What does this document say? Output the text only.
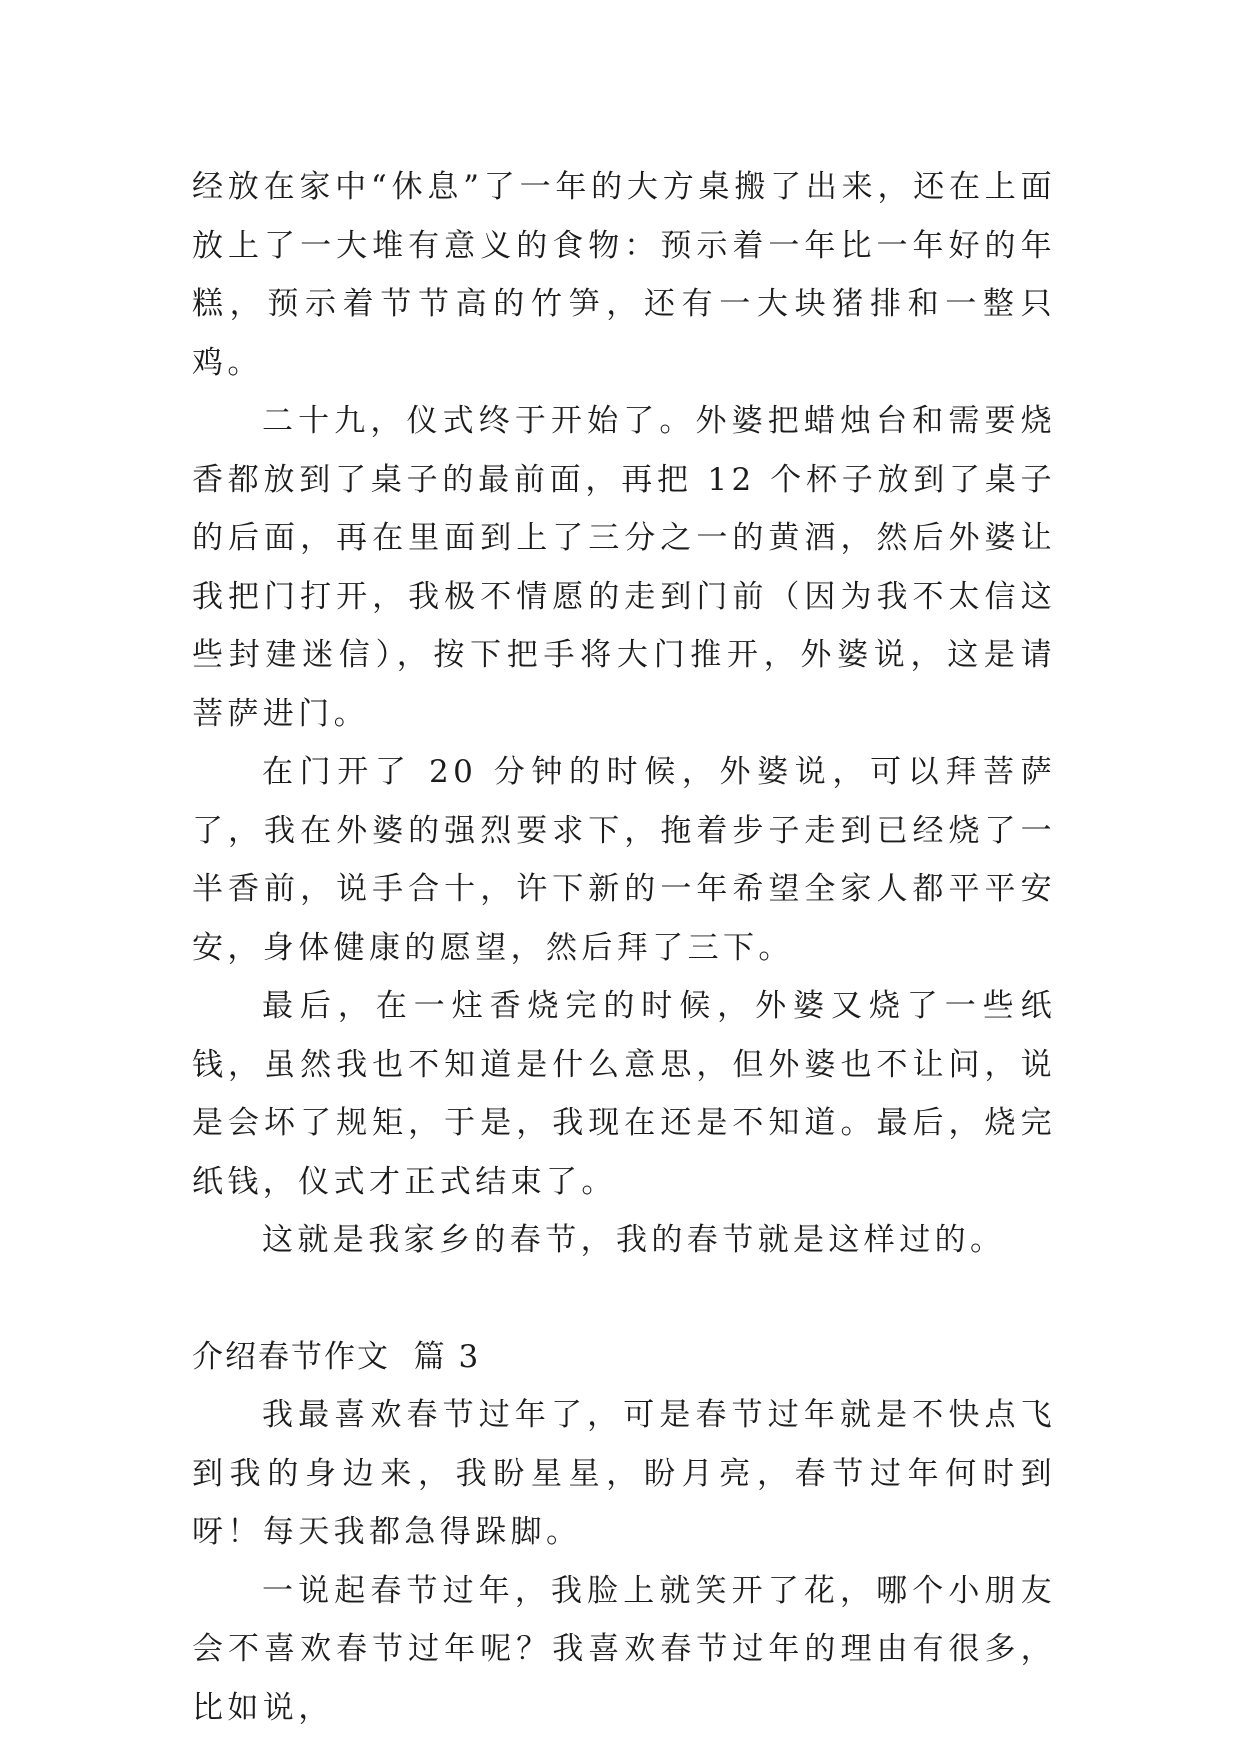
经放在家中“休息”了一年的大方桌搬了出来，还在上面放上了一大堆有意义的食物：预示着一年比一年好的年糕，预示着节节高的竹笋，还有一大块猪排和一整只鸡。

二十九，仪式终于开始了。外婆把蜡烛台和需要烧香都放到了桌子的最前面，再把 12 个杯子放到了桌子的后面，再在里面到上了三分之一的黄酒，然后外婆让我把门打开，我极不情愿的走到门前（因为我不太信这些封建迷信），按下把手将大门推开，外婆说，这是请菩萨进门。

在门开了 20 分钟的时候，外婆说，可以拜菩萨了，我在外婆的强烈要求下，拖着步子走到已经烧了一半香前，说手合十，许下新的一年希望全家人都平平安安，身体健康的愿望，然后拜了三下。

最后，在一炷香烧完的时候，外婆又烧了一些纸钱，虽然我也不知道是什么意思，但外婆也不让问，说是会坏了规矩，于是，我现在还是不知道。最后，烧完纸钱，仪式才正式结束了。

这就是我家乡的春节，我的春节就是这样过的。

介绍春节作文  篇 3

我最喜欢春节过年了，可是春节过年就是不快点飞到我的身边来，我盼星星，盼月亮，春节过年何时到呀！每天我都急得跺脚。

一说起春节过年，我脸上就笑开了花，哪个小朋友会不喜欢春节过年呢？我喜欢春节过年的理由有很多，比如说，
